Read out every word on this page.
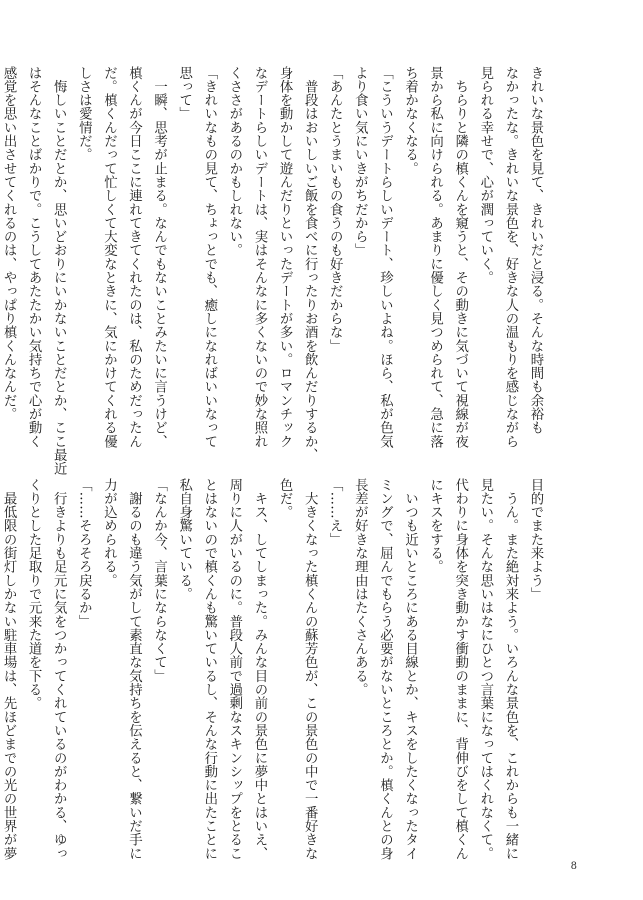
きれいな景色を見て、きれいだと浸る。そんな時間も余裕も
なかったな。きれいな景色を、好きな人の温もりを感じながら
見られる幸せで、心が潤っていく。
　ちらりと隣の槙くんを窺うと、その動きに気づいて視線が夜
景から私に向けられる。あまりに優しく見つめられて、急に落
ち着かなくなる。
「こういうデートらしいデート、珍しいよね。ほら、私が色気
より食い気にいきがちだから」
「あんたとうまいもの食うのも好きだからな」
　普段はおいしいご飯を食べに行ったりお酒を飲んだりするか、
身体を動かして遊んだりといったデートが多い。ロマンチック
なデートらしいデートは、実はそんなに多くないので妙な照れ
くささがあるのかもしれない。
「きれいなもの見て、ちょっとでも、癒しになればいいなって
思って」
　一瞬、思考が止まる。なんでもないことみたいに言うけど、
槙くんが今日ここに連れてきてくれたのは、私のためだったん
だ。槙くんだって忙しくて大変なときに、気にかけてくれる優
しさは愛情だ。
　悔しいことだとか、思いどおりにいかないことだとか、ここ最近
はそんなことばかりで。こうしてあたたかい気持ちで心が動く
感覚を思い出させてくれるのは、やっぱり槙くんなんだ。
目的でまた来よう」
　うん。また絶対来よう。いろんな景色を、これからも一緒に
見たい。そんな思いはなにひとつ言葉になってはくれなくて。
代わりに身体を突き動かす衝動のままに、背伸びをして槙くん
にキスをする。
　いつも近いところにある目線とか、キスをしたくなったタイ
ミングで、屈んでもらう必要がないところとか。槙くんとの身
長差が好きな理由はたくさんある。
「……え」
　大きくなった槙くんの蘇芳色が、この景色の中で一番好きな
色だ。
　キス、してしまった。みんな目の前の景色に夢中とはいえ、
周りに人がいるのに。普段人前で過剰なスキンシップをとるこ
とはないので槙くんも驚いているし、そんな行動に出たことに
私自身驚いている。
「なんか今、言葉にならなくて」
　謝るのも違う気がして素直な気持ちを伝えると、繋いだ手に
力が込められる。
「……そろそろ戻るか」
　行きよりも足元に気をつかってくれているのがわかる、ゆっ
くりとした足取りで元来た道を下る。
　最低限の街灯しかない駐車場は、先ほどまでの光の世界が夢
8
